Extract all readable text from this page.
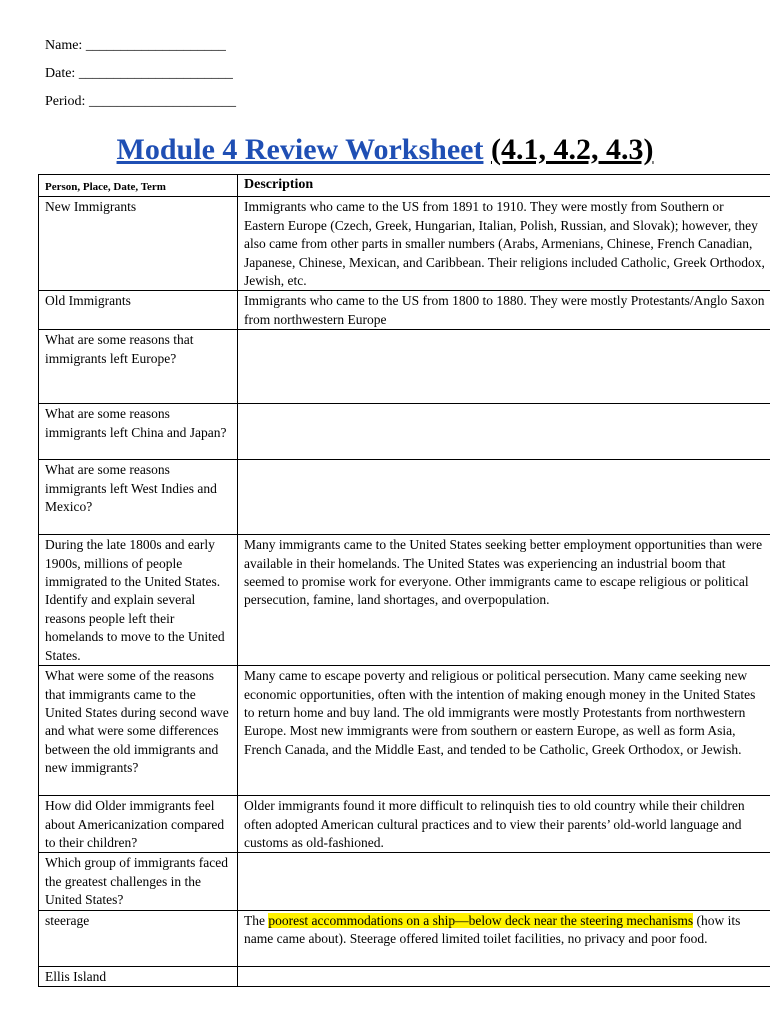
Name: ____________________
Date: ______________________
Period: _____________________
Module 4 Review Worksheet (4.1, 4.2, 4.3)
Person, Place, Date, Term	Description
New Immigrants	Immigrants who came to the US from 1891 to 1910. They were mostly from Southern or Eastern Europe (Czech, Greek, Hungarian, Italian, Polish, Russian, and Slovak); however, they also came from other parts in smaller numbers (Arabs, Armenians, Chinese, French Canadian, Japanese, Chinese, Mexican, and Caribbean. Their religions included Catholic, Greek Orthodox, Jewish, etc.
Old Immigrants	Immigrants who came to the US from 1800 to 1880. They were mostly Protestants/Anglo Saxon from northwestern Europe
What are some reasons that immigrants left Europe?	
What are some reasons immigrants left China and Japan?	
What are some reasons immigrants left West Indies and Mexico?	
During the late 1800s and early 1900s, millions of people immigrated to the United States. Identify and explain several reasons people left their homelands to move to the United States.	Many immigrants came to the United States seeking better employment opportunities than were available in their homelands. The United States was experiencing an industrial boom that seemed to promise work for everyone. Other immigrants came to escape religious or political persecution, famine, land shortages, and overpopulation.
What were some of the reasons that immigrants came to the United States during second wave and what were some differences between the old immigrants and new immigrants?	Many came to escape poverty and religious or political persecution. Many came seeking new economic opportunities, often with the intention of making enough money in the United States to return home and buy land. The old immigrants were mostly Protestants from northwestern Europe. Most new immigrants were from southern or eastern Europe, as well as form Asia, French Canada, and the Middle East, and tended to be Catholic, Greek Orthodox, or Jewish.
How did Older immigrants feel about Americanization compared to their children?	Older immigrants found it more difficult to relinquish ties to old country while their children often adopted American cultural practices and to view their parents’ old-world language and customs as old-fashioned.
Which group of immigrants faced the greatest challenges in the United States?	
steerage	The poorest accommodations on a ship—below deck near the steering mechanisms (how its name came about). Steerage offered limited toilet facilities, no privacy and poor food.
Ellis Island	
